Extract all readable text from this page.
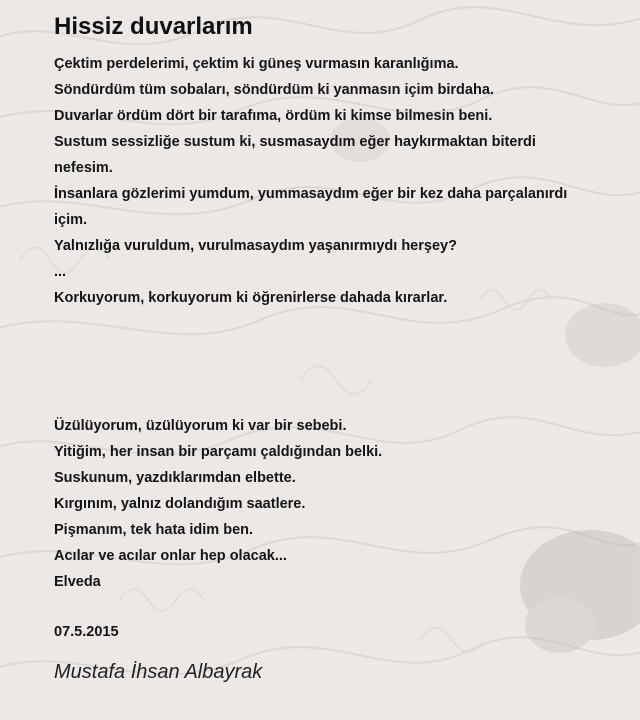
Hissiz duvarlarım
Çektim perdelerimi, çektim ki güneş vurmasın karanlığıma.
Söndürdüm tüm sobaları, söndürdüm ki yanmasın içim birdaha.
Duvarlar ördüm dört bir tarafıma, ördüm ki kimse bilmesin beni.
Sustum sessizliğe sustum ki, susmasaydım eğer haykırmaktan biterdi
nefesim.
İnsanlara gözlerimi yumdum, yummasaydım eğer bir kez daha parçalanırdı
içim.
Yalnızlığa vuruldum, vurulmasaydım yaşanırmıydı herşey?
...
Korkuyorum, korkuyorum ki öğrenirlerse dahada kırarlar.
Üzülüyorum, üzülüyorum ki var bir sebebi.
Yitiğim, her insan bir parçamı çaldığından belki.
Suskunum, yazdıklarımdan elbette.
Kırgınım, yalnız dolandığım saatlere.
Pişmanım, tek hata idim ben.
Acılar ve acılar onlar hep olacak...
Elveda
07.5.2015
Mustafa İhsan Albayrak
